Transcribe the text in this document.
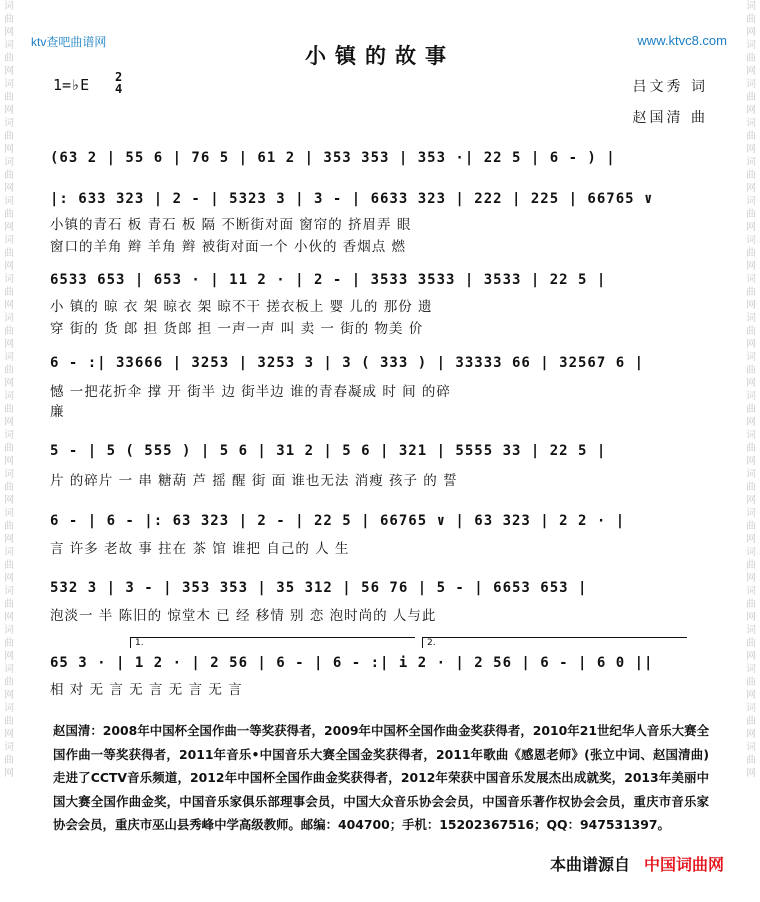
词曲网词曲网词曲网词曲网词曲网词曲网词曲网词曲网词曲网词曲网词曲网词曲网词曲网词曲网词曲网词曲网词曲网词曲网词曲网词曲网
词曲网词曲网词曲网词曲网词曲网词曲网词曲网词曲网词曲网词曲网词曲网词曲网词曲网词曲网词曲网词曲网词曲网词曲网词曲网词曲网
ktv查吧曲谱网	www.ktvc8.com
小镇的故事
1=♭E 2
4	吕文秀 词
赵国清 曲
(63 2 | 55 6 | 76 5 | 61 2 | 353 353 | 353 ·| 22 5 | 6 - ) |
|: 633 323 | 2 - | 5323 3 | 3 - | 6633 323 | 222 | 225 | 66765 ∨
小镇的青石 板 青石 板 隔 不断街对面 窗帘的 挤眉弄 眼
窗口的羊角 辫 羊角 辫 被街对面一个 小伙的 香烟点 燃
6533 653 | 653 · | 11 2 · | 2 - | 3533 3533 | 3533 | 22 5 |
小 镇的 晾 衣 架 晾衣 架 晾不干 搓衣板上 婴 儿的 那份 遗
穿 街的 货 郎 担 货郎 担 一声一声 叫 卖 一 街的 物美 价
6 - :| 33666 | 3253 | 3253 3 | 3 ( 333 ) | 33333 66 | 32567 6 |
憾 一把花折伞 撑 开 街半 边 街半边 谁的青春凝成 时 间 的碎
廉
5 - | 5 ( 555 ) | 5 6 | 31 2 | 5 6 | 321 | 5555 33 | 22 5 |
片 的碎片 一 串 糖葫 芦 摇 醒 街 面 谁也无法 消瘦 孩子 的 誓
6 - | 6 - |: 63 323 | 2 - | 22 5 | 66765 ∨ | 63 323 | 2 2 · |
言 许多 老故 事 拄在 茶 馆 谁把 自己的 人 生
532 3 | 3 - | 353 353 | 35 312 | 56 76 | 5 - | 6653 653 |
泡淡一 半 陈旧的 惊堂木 已 经 移情 别 恋 泡时尚的 人与此
1.	2.
65 3 · | 1 2 · | 2 56 | 6 - | 6 - :| i 2 · | 2 56 | 6 - | 6 0 ||
相 对 无 言 无 言 无 言 无 言
赵国清：2008年中国杯全国作曲一等奖获得者，2009年中国杯全国作曲金奖获得者，2010年21世纪华人音乐大赛全国作曲一等奖获得者，2011年音乐•中国音乐大赛全国金奖获得者，2011年歌曲《感恩老师》(张立中词、赵国清曲)走进了CCTV音乐频道，2012年中国杯全国作曲金奖获得者，2012年荣获中国音乐发展杰出成就奖，2013年美丽中国大赛全国作曲金奖，中国音乐家俱乐部理事会员，中国大众音乐协会会员，中国音乐著作权协会会员，重庆市音乐家协会会员，重庆市巫山县秀峰中学高级教师。邮编：404700；手机：15202367516；QQ：947531397。
本曲谱源自 中国词曲网
